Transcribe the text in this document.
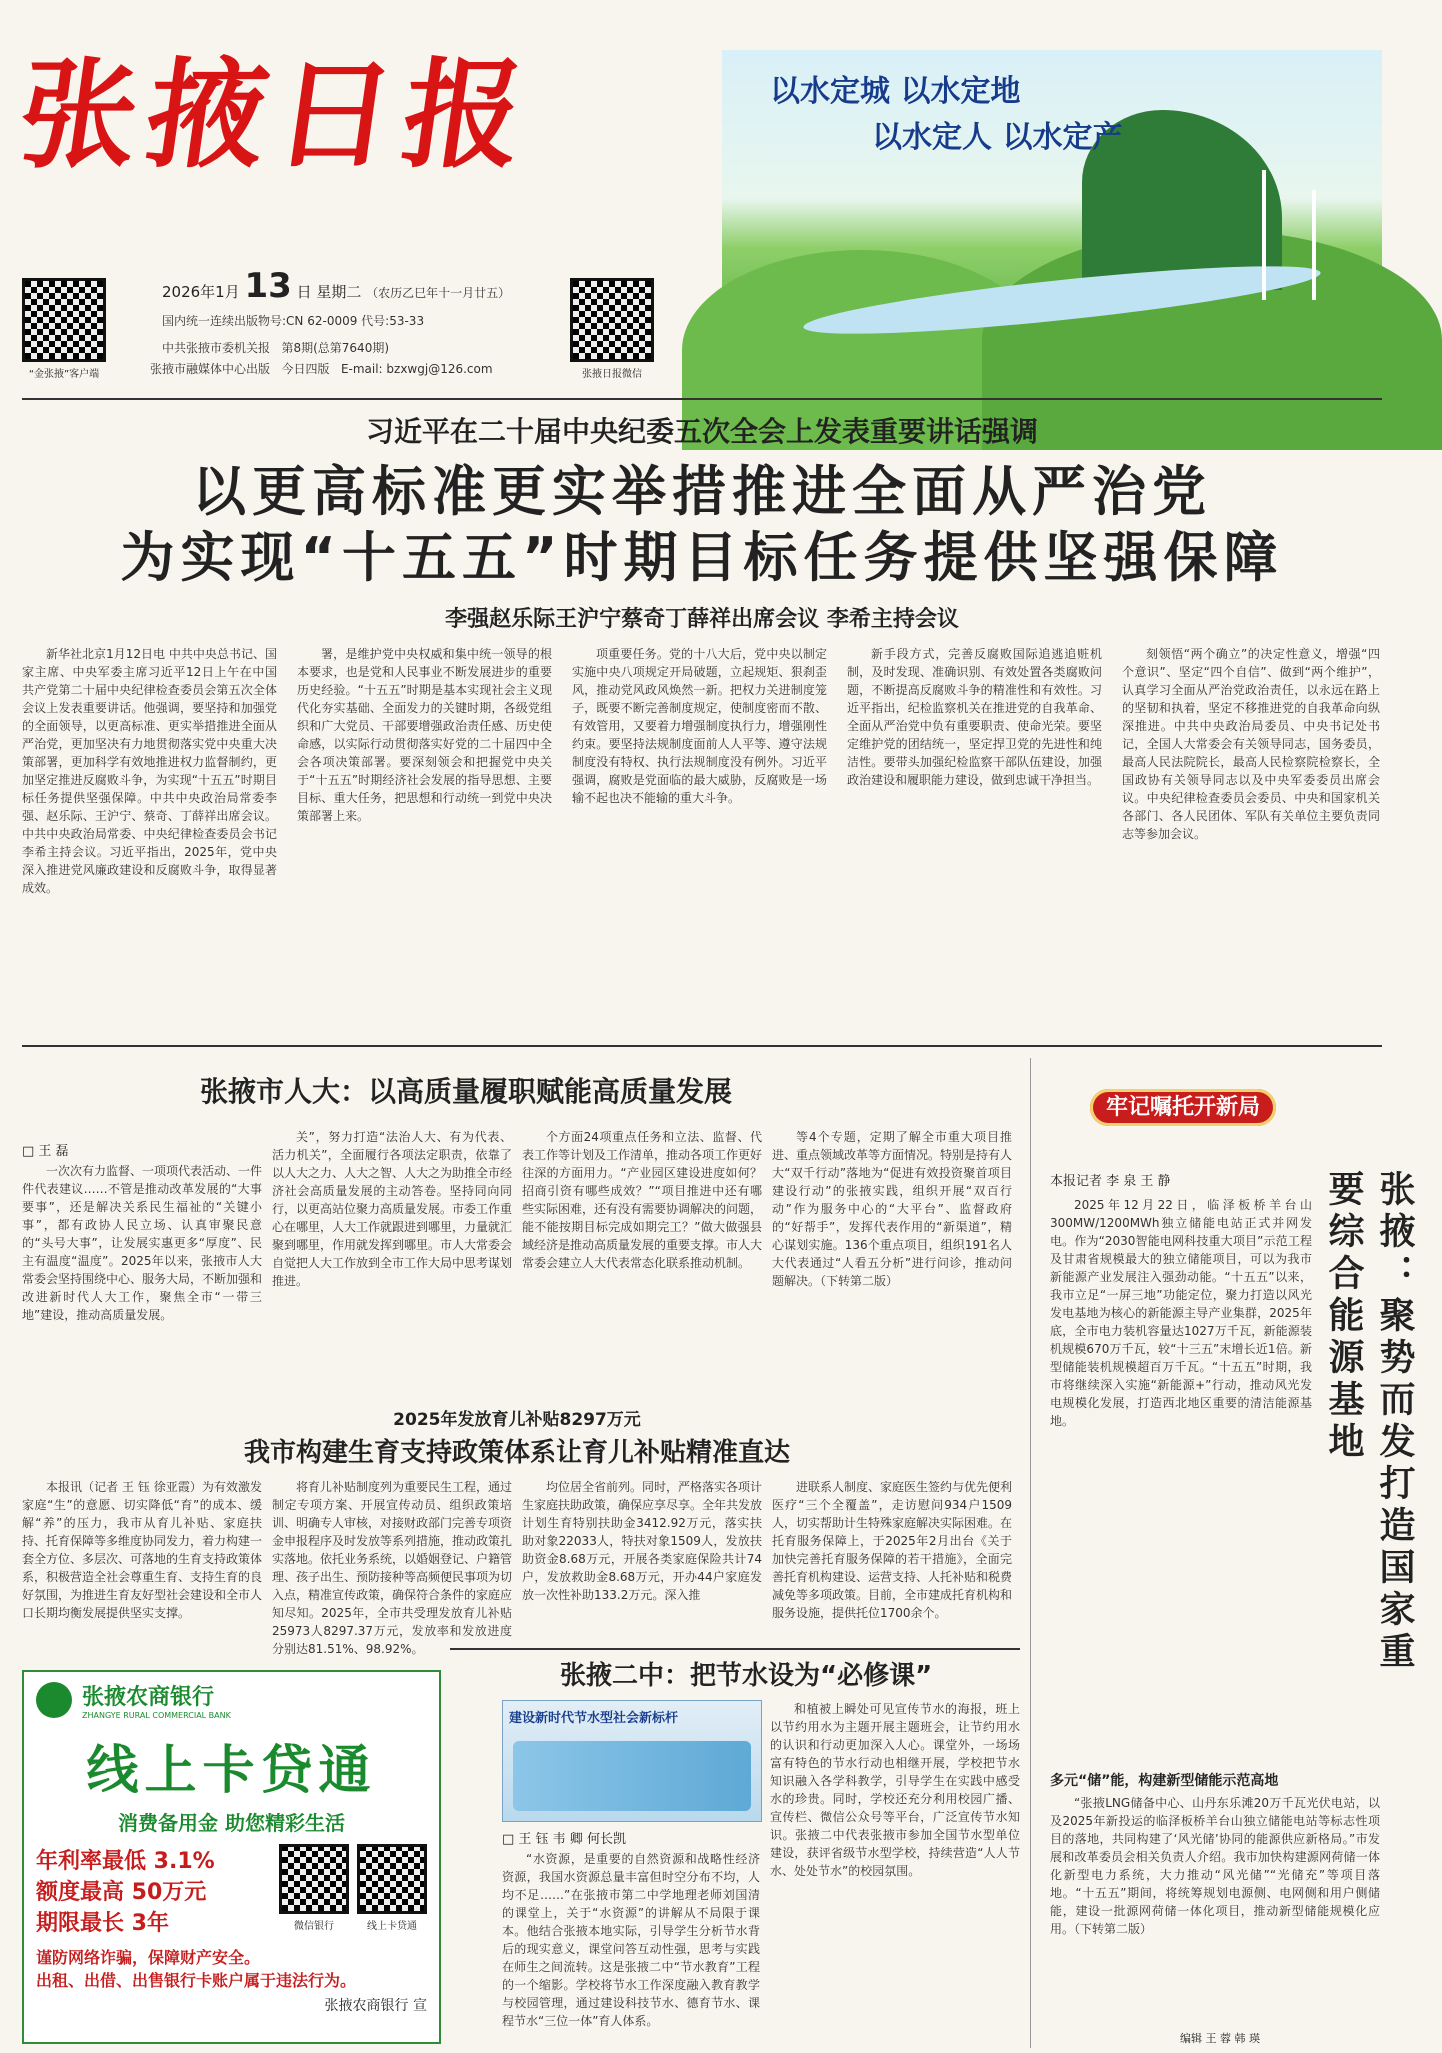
张掖日报
“金张掖”客户端	张掖日报微信
2026年1月 13 日 星期二 （农历乙巳年十一月廿五）
国内统一连续出版物号:CN 62-0009 代号:53-33
中共张掖市委机关报 第8期(总第7640期)
张掖市融媒体中心出版 今日四版 E-mail: bzxwgj@126.com
以水定城 以水定地
以水定人 以水定产
习近平在二十届中央纪委五次全会上发表重要讲话强调
以更高标准更实举措推进全面从严治党
为实现“十五五”时期目标任务提供坚强保障
李强赵乐际王沪宁蔡奇丁薛祥出席会议 李希主持会议

新华社北京1月12日电 中共中央总书记、国家主席、中央军委主席习近平12日上午在中国共产党第二十届中央纪律检查委员会第五次全体会议上发表重要讲话。他强调，要坚持和加强党的全面领导，以更高标准、更实举措推进全面从严治党，更加坚决有力地贯彻落实党中央重大决策部署，更加科学有效地推进权力监督制约，更加坚定推进反腐败斗争，为实现“十五五”时期目标任务提供坚强保障。中共中央政治局常委李强、赵乐际、王沪宁、蔡奇、丁薛祥出席会议。中共中央政治局常委、中央纪律检查委员会书记李希主持会议。习近平指出，2025年，党中央深入推进党风廉政建设和反腐败斗争，取得显著成效。

署，是维护党中央权威和集中统一领导的根本要求，也是党和人民事业不断发展进步的重要历史经验。“十五五”时期是基本实现社会主义现代化夯实基础、全面发力的关键时期，各级党组织和广大党员、干部要增强政治责任感、历史使命感，以实际行动贯彻落实好党的二十届四中全会各项决策部署。要深刻领会和把握党中央关于“十五五”时期经济社会发展的指导思想、主要目标、重大任务，把思想和行动统一到党中央决策部署上来。

项重要任务。党的十八大后，党中央以制定实施中央八项规定开局破题，立起规矩、狠刹歪风，推动党风政风焕然一新。把权力关进制度笼子，既要不断完善制度规定，使制度密而不散、有效管用，又要着力增强制度执行力，增强刚性约束。要坚持法规制度面前人人平等、遵守法规制度没有特权、执行法规制度没有例外。习近平强调，腐败是党面临的最大威胁，反腐败是一场输不起也决不能输的重大斗争。

新手段方式，完善反腐败国际追逃追赃机制，及时发现、准确识别、有效处置各类腐败问题，不断提高反腐败斗争的精准性和有效性。习近平指出，纪检监察机关在推进党的自我革命、全面从严治党中负有重要职责、使命光荣。要坚定维护党的团结统一，坚定捍卫党的先进性和纯洁性。要带头加强纪检监察干部队伍建设，加强政治建设和履职能力建设，做到忠诚干净担当。

刻领悟“两个确立”的决定性意义，增强“四个意识”、坚定“四个自信”、做到“两个维护”，认真学习全面从严治党政治责任，以永远在路上的坚韧和执着，坚定不移推进党的自我革命向纵深推进。中共中央政治局委员、中央书记处书记，全国人大常委会有关领导同志，国务委员，最高人民法院院长，最高人民检察院检察长，全国政协有关领导同志以及中央军委委员出席会议。中央纪律检查委员会委员、中央和国家机关各部门、各人民团体、军队有关单位主要负责同志等参加会议。

张掖市人大：以高质量履职赋能高质量发展
□ 王 磊

一次次有力监督、一项项代表活动、一件件代表建议……不管是推动改革发展的“大事要事”，还是解决关系民生福祉的“关键小事”，都有政协人民立场、认真审聚民意的“头号大事”，让发展实惠更多“厚度”、民主有温度“温度”。2025年以来，张掖市人大常委会坚持围绕中心、服务大局，不断加强和改进新时代人大工作，聚焦全市“一带三地”建设，推动高质量发展。

关”，努力打造“法治人大、有为代表、活力机关”，全面履行各项法定职责，依靠了以人大之力、人大之智、人大之为助推全市经济社会高质量发展的主动答卷。坚持同向同行，以更高站位聚力高质量发展。市委工作重心在哪里，人大工作就跟进到哪里，力量就汇聚到哪里，作用就发挥到哪里。市人大常委会自觉把人大工作放到全市工作大局中思考谋划推进。

个方面24项重点任务和立法、监督、代表工作等计划及工作清单，推动各项工作更好往深的方面用力。“产业园区建设进度如何？招商引资有哪些成效？”“项目推进中还有哪些实际困难，还有没有需要协调解决的问题，能不能按期目标完成如期完工？”做大做强县域经济是推动高质量发展的重要支撑。市人大常委会建立人大代表常态化联系推动机制。

等4个专题，定期了解全市重大项目推进、重点领域改革等方面情况。特别是持有人大“双千行动”落地为“促进有效投资聚首项目建设行动”的张掖实践，组织开展“双百行动”作为服务中心的“大平台”、监督政府的“好帮手”，发挥代表作用的“新渠道”，精心谋划实施。136个重点项目，组织191名人大代表通过“人看五分析”进行问诊，推动问题解决。（下转第二版）

2025年发放育儿补贴8297万元
我市构建生育支持政策体系让育儿补贴精准直达

本报讯（记者 王 钰 徐亚霞）为有效激发家庭“生”的意愿、切实降低“育”的成本、缓解“养”的压力，我市从育儿补贴、家庭扶持、托育保障等多维度协同发力，着力构建一套全方位、多层次、可落地的生育支持政策体系，积极营造全社会尊重生育、支持生育的良好氛围，为推进生育友好型社会建设和全市人口长期均衡发展提供坚实支撑。

将育儿补贴制度列为重要民生工程，通过制定专项方案、开展宣传动员、组织政策培训、明确专人审核，对接财政部门完善专项资金申报程序及时发放等系列措施，推动政策扎实落地。依托业务系统，以婚姻登记、户籍管理、孩子出生、预防接种等高频便民事项为切入点，精准宣传政策，确保符合条件的家庭应知尽知。2025年，全市共受理发放育儿补贴25973人8297.37万元，发放率和发放进度分别达81.51%、98.92%。

均位居全省前列。同时，严格落实各项计生家庭扶助政策，确保应享尽享。全年共发放计划生育特别扶助金3412.92万元，落实扶助对象22033人，特扶对象1509人，发放扶助资金8.68万元，开展各类家庭保险共计74户，发放救助金8.68万元，开办44户家庭发放一次性补助133.2万元。深入推

进联系人制度、家庭医生签约与优先便利医疗“三个全覆盖”，走访慰问934户1509人，切实帮助计生特殊家庭解决实际困难。在托育服务保障上，于2025年2月出台《关于加快完善托育服务保障的若干措施》，全面完善托育机构建设、运营支持、人托补贴和税费减免等多项政策。目前，全市建成托育机构和服务设施，提供托位1700余个。

牢记嘱托开新局
本报记者 李 泉 王 静	张掖：聚势而发打造国家重要综合能源基地

2025年12月22日，临泽板桥羊台山300MW/1200MWh独立储能电站正式并网发电。作为“2030智能电网科技重大项目”示范工程及甘肃省规模最大的独立储能项目，可以为我市新能源产业发展注入强劲动能。“十五五”以来，我市立足“一屏三地”功能定位，聚力打造以风光发电基地为核心的新能源主导产业集群，2025年底，全市电力装机容量达1027万千瓦，新能源装机规模670万千瓦，较“十三五”末增长近1倍。新型储能装机规模超百万千瓦。“十五五”时期，我市将继续深入实施“新能源+”行动，推动风光发电规模化发展，打造西北地区重要的清洁能源基地。

多元“储”能，构建新型储能示范高地

“张掖LNG储备中心、山丹东乐滩20万千瓦光伏电站，以及2025年新投运的临泽板桥羊台山独立储能电站等标志性项目的落地，共同构建了‘风光储’协同的能源供应新格局。”市发展和改革委员会相关负责人介绍。我市加快构建源网荷储一体化新型电力系统，大力推动“风光储”“光储充”等项目落地。“十五五”期间，将统筹规划电源侧、电网侧和用户侧储能，建设一批源网荷储一体化项目，推动新型储能规模化应用。（下转第二版）

张掖二中：把节水设为“必修课”
建设新时代节水型社会新标杆
□ 王 钰 韦 卿 何长凯

“水资源，是重要的自然资源和战略性经济资源，我国水资源总量丰富但时空分布不均，人均不足……”在张掖市第二中学地理老师刘国清的课堂上，关于“水资源”的讲解从不局限于课本。他结合张掖本地实际，引导学生分析节水背后的现实意义，课堂问答互动性强，思考与实践在师生之间流转。这是张掖二中“节水教育”工程的一个缩影。学校将节水工作深度融入教育教学与校园管理，通过建设科技节水、德育节水、课程节水“三位一体”育人体系。

和植被上瞬处可见宣传节水的海报，班上以节约用水为主题开展主题班会，让节约用水的认识和行动更加深入人心。课堂外，一场场富有特色的节水行动也相继开展，学校把节水知识融入各学科教学，引导学生在实践中感受水的珍贵。同时，学校还充分利用校园广播、宣传栏、微信公众号等平台，广泛宣传节水知识。张掖二中代表张掖市参加全国节水型单位建设，获评省级节水型学校，持续营造“人人节水、处处节水”的校园氛围。

张掖农商银行
ZHANGYE RURAL COMMERCIAL BANK
线上卡贷通
消费备用金 助您精彩生活
年利率最低 3.1%
额度最高 50万元
期限最长 3年	微信银行	线上卡贷通
谨防网络诈骗，保障财产安全。
出租、出借、出售银行卡账户属于违法行为。
张掖农商银行 宣
编辑 王 蓉 韩 瑛
